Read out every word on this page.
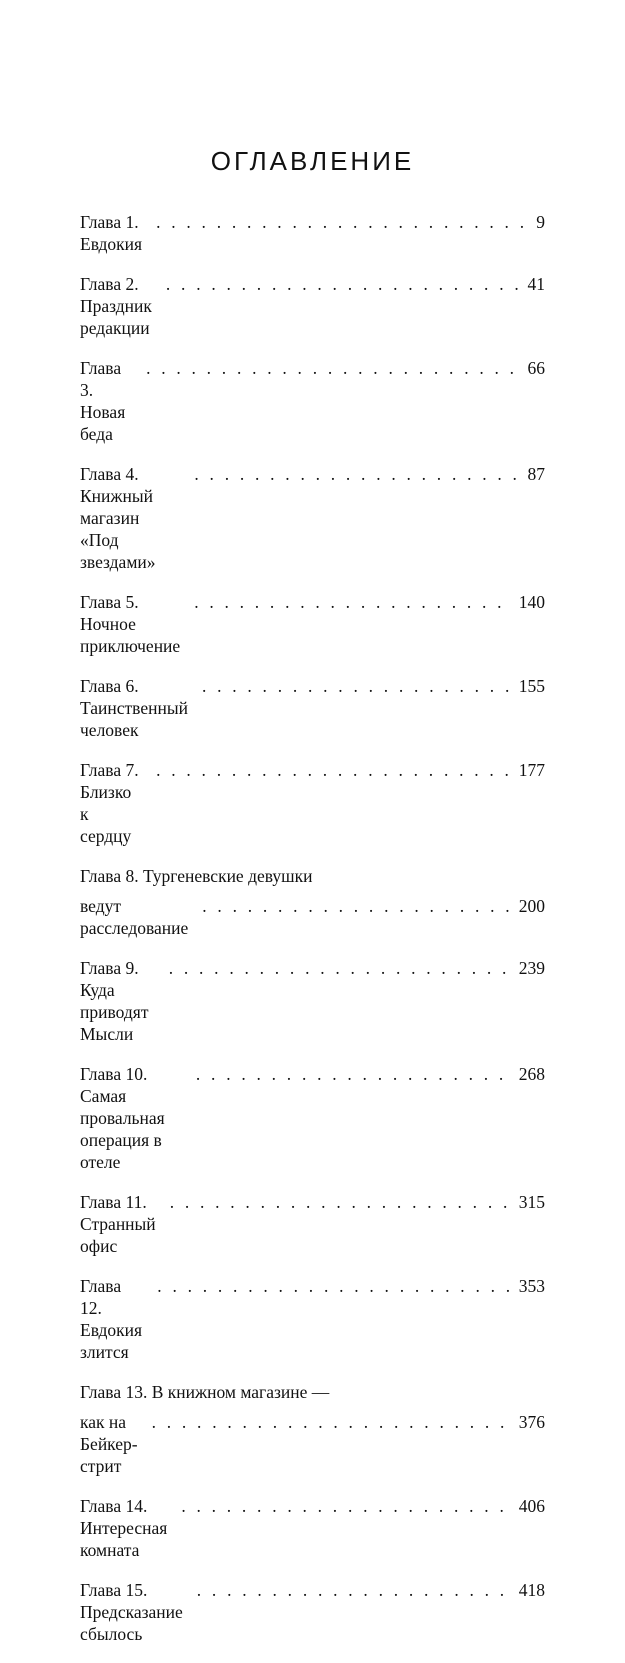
ОГЛАВЛЕНИЕ
Глава 1. Евдокия
. . .
9
Глава 2. Праздник редакции
. . .
41
Глава 3. Новая беда
. . .
66
Глава 4. Книжный магазин «Под звездами»
. . .
87
Глава 5. Ночное приключение
. . .
140
Глава 6. Таинственный человек
. . .
155
Глава 7. Близко к сердцу
. . .
177
Глава 8. Тургеневские девушки
ведут расследование
. . .
200
Глава 9. Куда приводят Мысли
. . .
239
Глава 10. Самая провальная операция в отеле
. . .
268
Глава 11. Странный офис
. . .
315
Глава 12. Евдокия злится
. . .
353
Глава 13. В книжном магазине —
как на Бейкер-стрит
. . .
376
Глава 14. Интересная комната
. . .
406
Глава 15. Предсказание сбылось
. . .
418
